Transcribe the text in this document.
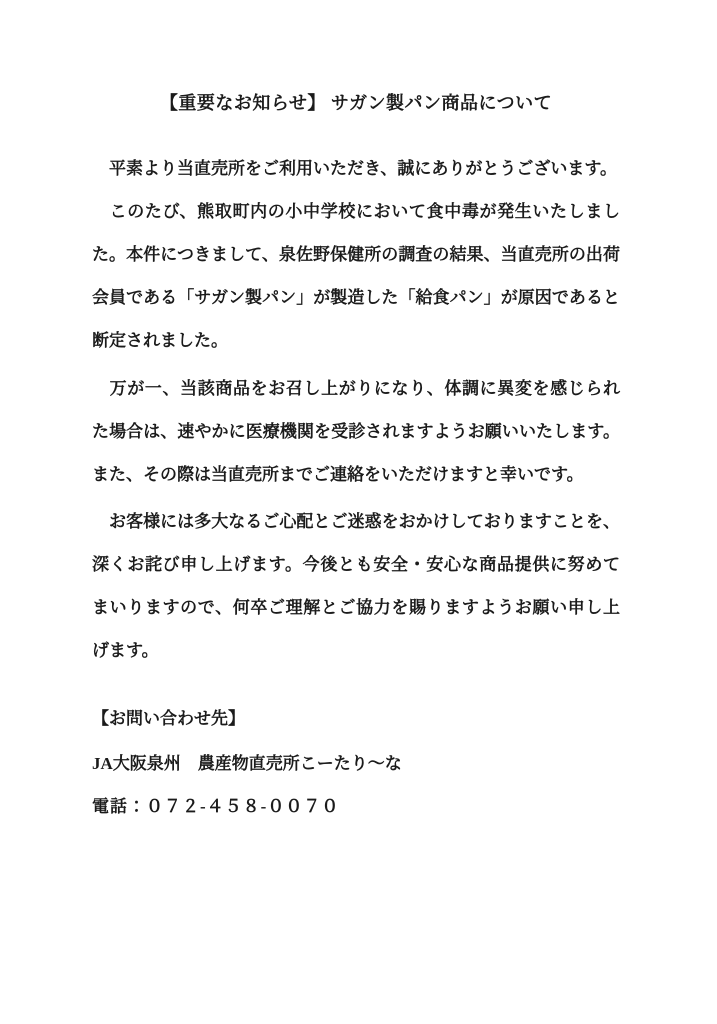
【重要なお知らせ】 サガン製パン商品について

　平素より当直売所をご利用いただき、誠にありがとうございます。

　このたび、熊取町内の小中学校において食中毒が発生いたしまし
た。本件につきまして、泉佐野保健所の調査の結果、当直売所の出荷
会員である「サガン製パン」が製造した「給食パン」が原因であると
断定されました。

　万が一、当該商品をお召し上がりになり、体調に異変を感じられ
た場合は、速やかに医療機関を受診されますようお願いいたします。
また、その際は当直売所までご連絡をいただけますと幸いです。

　お客様には多大なるご心配とご迷惑をおかけしておりますことを、
深くお詫び申し上げます。今後とも安全・安心な商品提供に努めて
まいりますので、何卒ご理解とご協力を賜りますようお願い申し上
げます。

【お問い合わせ先】
JA大阪泉州　農産物直売所こーたり～な
電話：０７２-４５８-００７０
